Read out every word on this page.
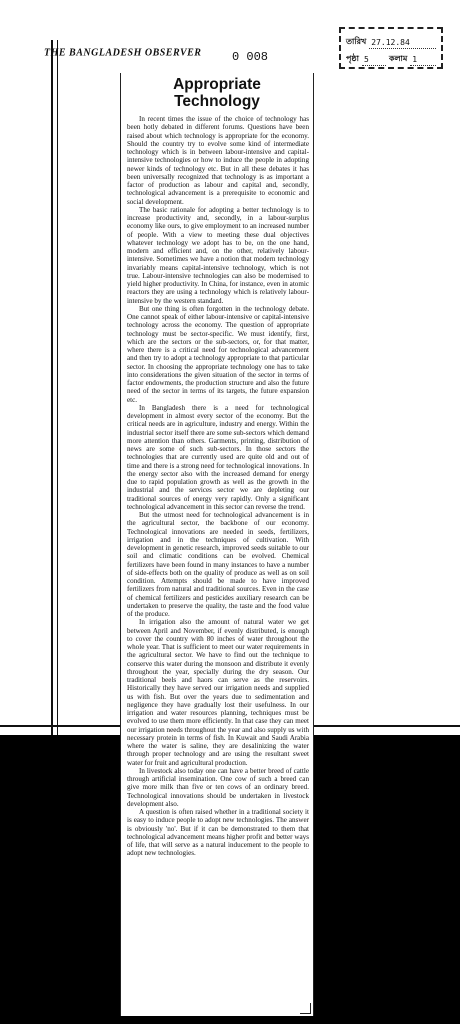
THE BANGLADESH OBSERVER	0 008
তারিখ 27.12.84
পৃষ্ঠা 5	কলাম 1
Appropriate
Technology

In recent times the issue of the choice of technology has been hotly debated in different forums. Questions have been raised about which technology is appropriate for the economy. Should the country try to evolve some kind of intermediate technology which is in between labour-intensive and capital-intensive technologies or how to induce the people in adopting newer kinds of technology etc. But in all these debates it has been universally recognized that technology is as important a factor of production as labour and capital and, secondly, technological advancement is a prerequisite to economic and social development.

The basic rationale for adopting a better technology is to increase productivity and, secondly, in a labour-surplus economy like ours, to give employment to an increased number of people. With a view to meeting these dual objectives whatever technology we adopt has to be, on the one hand, modern and efficient and, on the other, relatively labour-intensive. Sometimes we have a notion that modern technology invariably means capital-intensive technology, which is not true. Labour-intensive technologies can also be modernised to yield higher productivity. In China, for instance, even in atomic reactors they are using a technology which is relatively labour-intensive by the western standard.

But one thing is often forgotten in the technology debate. One cannot speak of either labour-intensive or capital-intensive technology across the economy. The question of appropriate technology must be sector-specific. We must identify, first, which are the sectors or the sub-sectors, or, for that matter, where there is a critical need for technological advancement and then try to adopt a technology appropriate to that particular sector. In choosing the appropriate technology one has to take into considerations the given situation of the sector in terms of factor endowments, the production structure and also the future need of the sector in terms of its targets, the future expansion etc.

In Bangladesh there is a need for technological development in almost every sector of the economy. But the critical needs are in agriculture, industry and energy. Within the industrial sector itself there are some sub-sectors which demand more attention than others. Garments, printing, distribution of news are some of such sub-sectors. In those sectors the technologies that are currently used are quite old and out of time and there is a strong need for technological innovations. In the energy sector also with the increased demand for energy due to rapid population growth as well as the growth in the industrial and the services sector we are depleting our traditional sources of energy very rapidly. Only a significant technological advancement in this sector can reverse the trend.

But the utmost need for technological advancement is in the agricultural sector, the backbone of our economy. Technological innovations are needed in seeds, fertilizers, irrigation and in the techniques of cultivation. With development in genetic research, improved seeds suitable to our soil and climatic conditions can be evolved. Chemical fertilizers have been found in many instances to have a number of side-effects both on the quality of produce as well as on soil condition. Attempts should be made to have improved fertilizers from natural and traditional sources. Even in the case of chemical fertilizers and pesticides auxiliary research can be undertaken to preserve the quality, the taste and the food value of the produce.

In irrigation also the amount of natural water we get between April and November, if evenly distributed, is enough to cover the country with 80 inches of water throughout the whole year. That is sufficient to meet our water requirements in the agricultural sector. We have to find out the technique to conserve this water during the monsoon and distribute it evenly throughout the year, specially during the dry season. Our traditional beels and haors can serve as the reservoirs. Historically they have served our irrigation needs and supplied us with fish. But over the years due to sedimentation and negligence they have gradually lost their usefulness. In our irrigation and water resources planning, techniques must be evolved to use them more efficiently. In that case they can meet our irrigation needs throughout the year and also supply us with necessary protein in terms of fish. In Kuwait and Saudi Arabia where the water is saline, they are desalinizing the water through proper technology and are using the resultant sweet water for fruit and agricultural production.

In livestock also today one can have a better breed of cattle through artificial insemination. One cow of such a breed can give more milk than five or ten cows of an ordinary breed. Technological innovations should be undertaken in livestock development also.

A question is often raised whether in a traditional society it is easy to induce people to adopt new technologies. The answer is obviously 'no'. But if it can be demonstrated to them that technological advancement means higher profit and better ways of life, that will serve as a natural inducement to the people to adopt new technologies.
